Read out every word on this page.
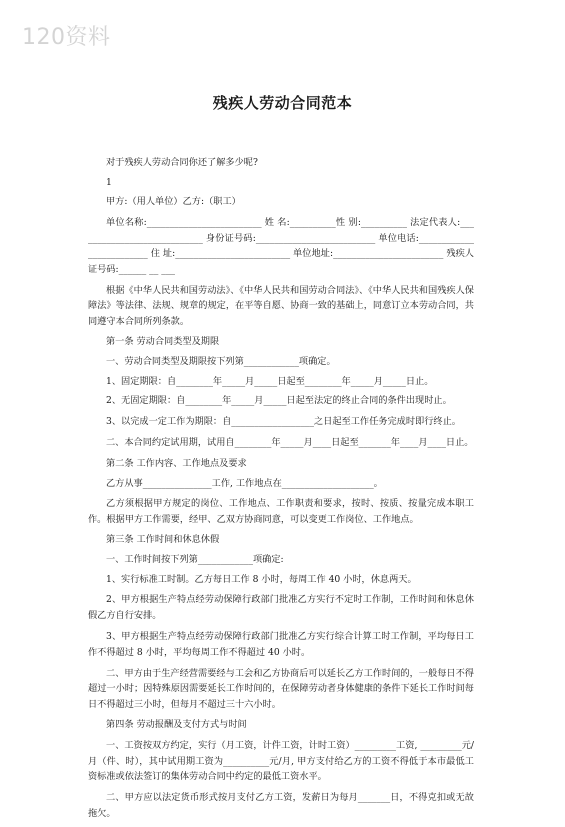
120资料
残疾人劳动合同范本
对于残疾人劳动合同你还了解多少呢?
1
甲方:（用人单位）乙方:（职工）
单位名称:_________________________ 姓 名:__________性 别:__________ 法定代表人:____________________________ 身份证号码:__________________________ 单位电话:_________________________ 住 址:_________________________ 单位地址:________________________ 残疾人证号码:______ __ ___
根据《中华人民共和国劳动法》、《中华人民共和国劳动合同法》、《中华人民共和国残疾人保障法》等法律、法规、规章的规定，在平等自愿、协商一致的基础上，同意订立本劳动合同，共同遵守本合同所列条款。
第一条 劳动合同类型及期限
一、劳动合同类型及期限按下列第____________项确定。
1、固定期限：自________年_____月_____日起至________年_____月_____日止。
2、无固定期限：自________年_____月_____日起至法定的终止合同的条件出现时止。
3、以完成一定工作为期限：自__________________之日起至工作任务完成时即行终止。
二、本合同约定试用期，试用自________年_____月____日起至_______年____月____日止。
第二条 工作内容、工作地点及要求
乙方从事_______________工作, 工作地点在____________________。
乙方须根据甲方规定的岗位、工作地点、工作职责和要求，按时、按质、按量完成本职工作。根据甲方工作需要，经甲、乙双方协商同意，可以变更工作岗位、工作地点。
第三条 工作时间和休息休假
一、工作时间按下列第____________项确定:
1、实行标准工时制。乙方每日工作 8 小时，每周工作 40 小时，休息两天。
2、甲方根据生产特点经劳动保障行政部门批准乙方实行不定时工作制，工作时间和休息休假乙方自行安排。
3、甲方根据生产特点经劳动保障行政部门批准乙方实行综合计算工时工作制，平均每日工作不得超过 8 小时，平均每周工作不得超过 40 小时。
二、甲方由于生产经营需要经与工会和乙方协商后可以延长乙方工作时间的，一般每日不得超过一小时；因特殊原因需要延长工作时间的，在保障劳动者身体健康的条件下延长工作时间每日不得超过三小时，但每月不超过三十六小时。
第四条 劳动报酬及支付方式与时间
一、工资按双方约定，实行（月工资，计件工资，计时工资）_________工资, _________元/月（件、时），其中试用期工资为__________元/月, 甲方支付给乙方的工资不得低于本市最低工资标准或依法签订的集体劳动合同中约定的最低工资水平。
二、甲方应以法定货币形式按月支付乙方工资，发薪日为每月_______日，不得克扣或无故拖欠。
